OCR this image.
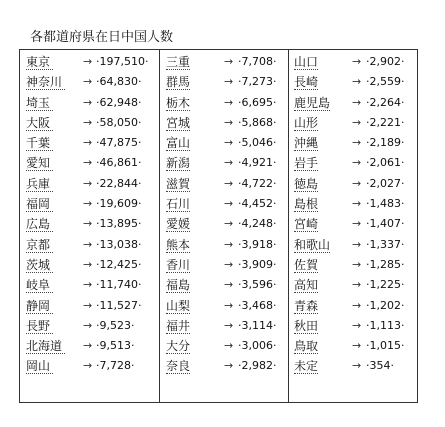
各都道府県在日中国人数
東京	→ ·197,510·
神奈川 → ·64,830·
埼玉	→ ·62,948·
大阪	→ ·58,050·
千葉	→ ·47,875·
愛知	→ ·46,861·
兵庫	→ ·22,844·
福岡	→ ·19,609·
広島	→ ·13,895·
京都	→ ·13,038·
茨城	→ ·12,425·
岐阜	→ ·11,740·
静岡	→ ·11,527·
長野	→ ·9,523·
北海道 → ·9,513·
岡山	→ ·7,728·
三重	→ ·7,708·
群馬	→ ·7,273·
栃木	→ ·6,695·
宮城	→ ·5,868·
富山	→ ·5,046·
新潟	→ ·4,921·
滋賀	→ ·4,722·
石川	→ ·4,452·
愛媛	→ ·4,248·
熊本	→ ·3,918·
香川	→ ·3,909·
福島	→ ·3,596·
山梨	→ ·3,468·
福井	→ ·3,114·
大分	→ ·3,006·
奈良	→ ·2,982·
山口	→ ·2,902·
長崎	→ ·2,559·
鹿児島 → ·2,264·
山形	→ ·2,221·
沖縄	→ ·2,189·
岩手	→ ·2,061·
徳島	→ ·2,027·
島根	→ ·1,483·
宮崎	→ ·1,407·
和歌山 → ·1,337·
佐賀	→ ·1,285·
高知	→ ·1,225·
青森	→ ·1,202·
秋田	→ ·1,113·
鳥取	→ ·1,015·
未定	→ ·354·
